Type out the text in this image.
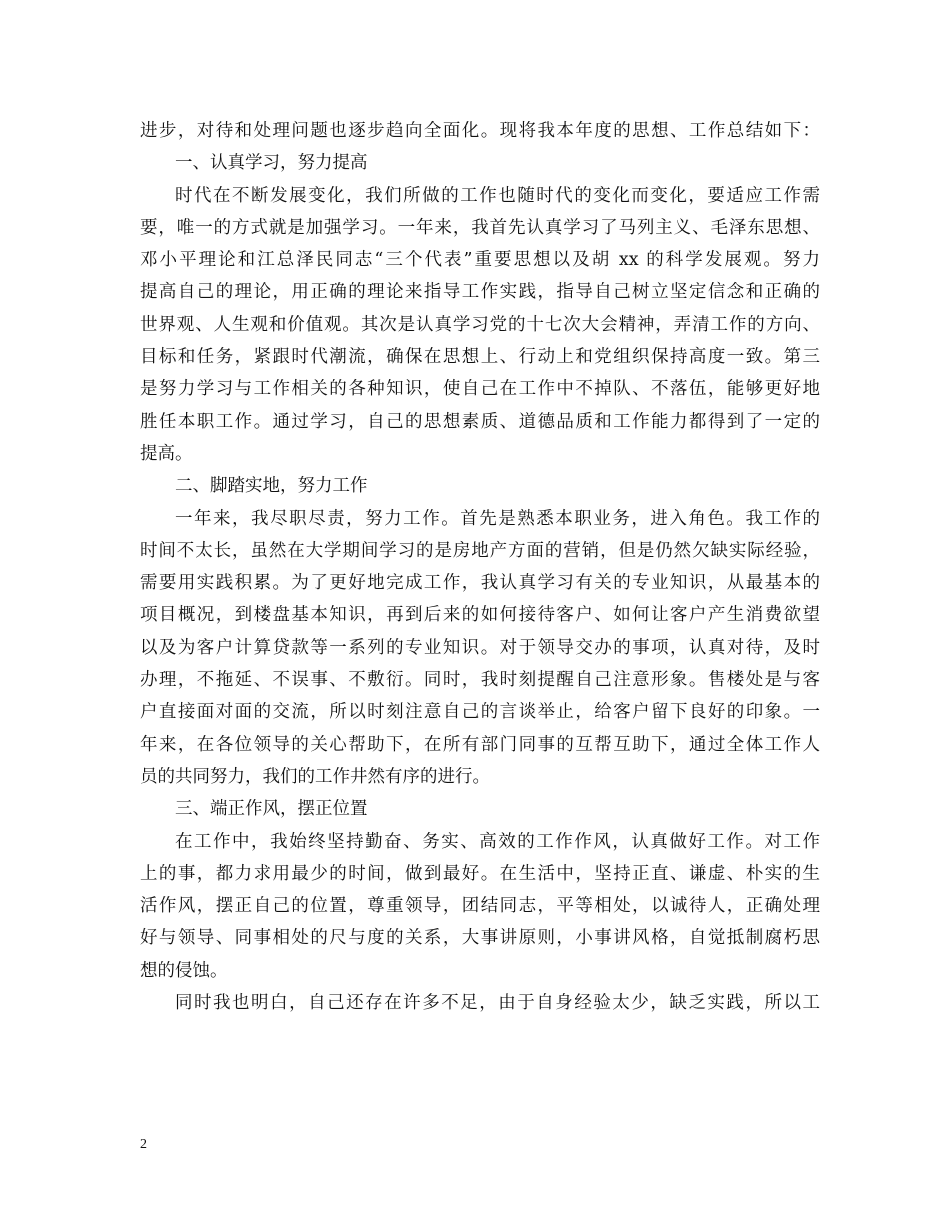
进步，对待和处理问题也逐步趋向全面化。现将我本年度的思想、工作总结如下：
一、认真学习，努力提高
时代在不断发展变化，我们所做的工作也随时代的变化而变化，要适应工作需
要，唯一的方式就是加强学习。一年来，我首先认真学习了马列主义、毛泽东思想、
邓小平理论和江总泽民同志“三个代表”重要思想以及胡 xx 的科学发展观。努力
提高自己的理论，用正确的理论来指导工作实践，指导自己树立坚定信念和正确的
世界观、人生观和价值观。其次是认真学习党的十七次大会精神，弄清工作的方向、
目标和任务，紧跟时代潮流，确保在思想上、行动上和党组织保持高度一致。第三
是努力学习与工作相关的各种知识，使自己在工作中不掉队、不落伍，能够更好地
胜任本职工作。通过学习，自己的思想素质、道德品质和工作能力都得到了一定的
提高。
二、脚踏实地，努力工作
一年来，我尽职尽责，努力工作。首先是熟悉本职业务，进入角色。我工作的
时间不太长，虽然在大学期间学习的是房地产方面的营销，但是仍然欠缺实际经验，
需要用实践积累。为了更好地完成工作，我认真学习有关的专业知识，从最基本的
项目概况，到楼盘基本知识，再到后来的如何接待客户、如何让客户产生消费欲望
以及为客户计算贷款等一系列的专业知识。对于领导交办的事项，认真对待，及时
办理，不拖延、不误事、不敷衍。同时，我时刻提醒自己注意形象。售楼处是与客
户直接面对面的交流，所以时刻注意自己的言谈举止，给客户留下良好的印象。一
年来，在各位领导的关心帮助下，在所有部门同事的互帮互助下，通过全体工作人
员的共同努力，我们的工作井然有序的进行。
三、端正作风，摆正位置
在工作中，我始终坚持勤奋、务实、高效的工作作风，认真做好工作。对工作
上的事，都力求用最少的时间，做到最好。在生活中，坚持正直、谦虚、朴实的生
活作风，摆正自己的位置，尊重领导，团结同志，平等相处，以诚待人，正确处理
好与领导、同事相处的尺与度的关系，大事讲原则，小事讲风格，自觉抵制腐朽思
想的侵蚀。
同时我也明白，自己还存在许多不足，由于自身经验太少，缺乏实践，所以工
2
